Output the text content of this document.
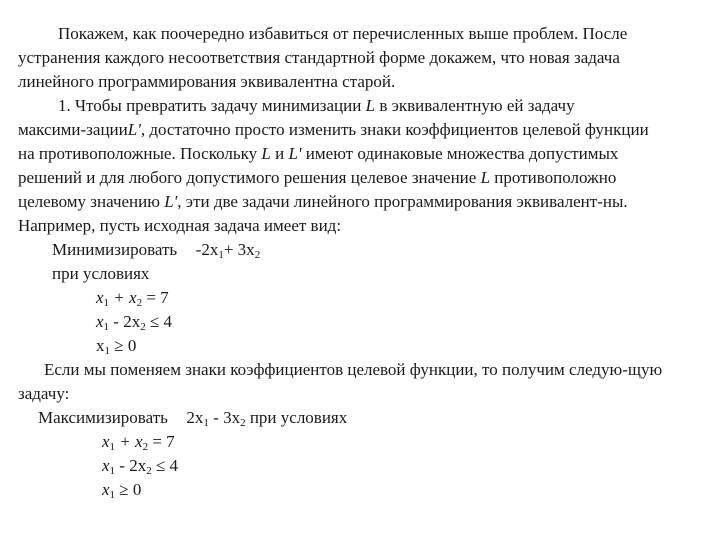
Покажем, как поочередно избавиться от перечисленных выше проблем. После
устранения каждого несоответствия стандартной форме докажем, что новая задача
линейного программирования эквивалентна старой.
1. Чтобы превратить задачу минимизации L в эквивалентную ей задачу
максими-зацииL', достаточно просто изменить знаки коэффициентов целевой функции
на противоположные. Поскольку L и L' имеют одинаковые множества допустимых
решений и для любого допустимого решения целевое значение L противоположно
целевому значению L', эти две задачи линейного программирования эквивалент-ны.
Например, пусть исходная задача имеет вид:
Минимизировать $-2x_1+ 3x_2$
при условиях
$x_1 + x_2 = 7$
$x_1 - 2x_2 \le 4$
$x_1 \ge 0$
Если мы поменяем знаки коэффициентов целевой функции, то получим следую-щую
задачу:
Максимизировать $2x_1 - 3x_2$ при условиях
$x_1 + x_2 = 7$
$x_1 - 2x_2 \le 4$
$x_1 \ge 0$
